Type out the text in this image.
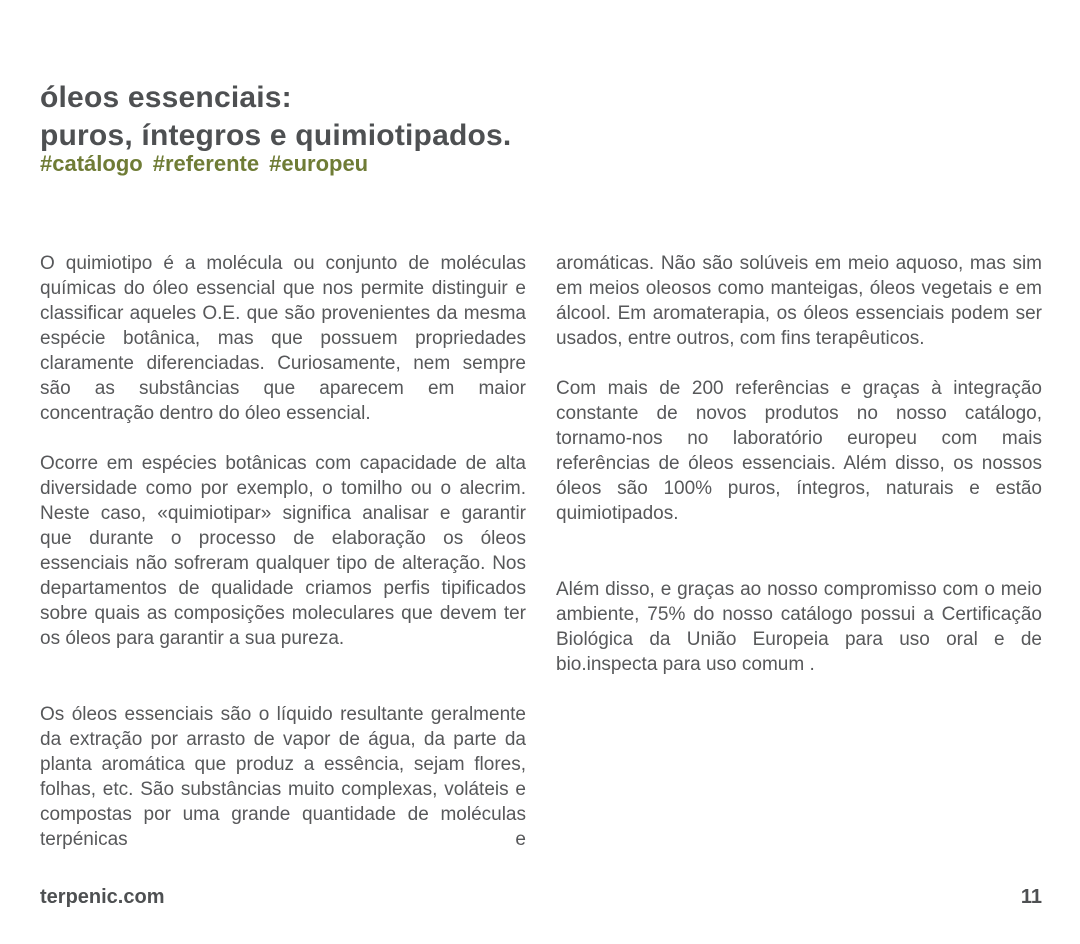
óleos essenciais:
puros, íntegros e quimiotipados.
#catálogo #referente #europeu

O quimiotipo é a molécula ou conjunto de moléculas químicas do óleo essencial que nos permite distinguir e classificar aqueles O.E. que são provenientes da mesma espécie botânica, mas que possuem propriedades claramente diferenciadas. Curiosamente, nem sempre são as substâncias que aparecem em maior concentração dentro do óleo essencial.

Ocorre em espécies botânicas com capacidade de alta diversidade como por exemplo, o tomilho ou o alecrim. Neste caso, «quimiotipar» significa analisar e garantir que durante o processo de elaboração os óleos essenciais não sofreram qualquer tipo de alteração. Nos departamentos de qualidade criamos perfis tipificados sobre quais as composições moleculares que devem ter os óleos para garantir a sua pureza.

Os óleos essenciais são o líquido resultante geralmente da extração por arrasto de vapor de água, da parte da planta aromática que produz a essência, sejam flores, folhas, etc. São substâncias muito complexas, voláteis e compostas por uma grande quantidade de moléculas terpénicas e

aromáticas. Não são solúveis em meio aquoso, mas sim em meios oleosos como manteigas, óleos vegetais e em álcool. Em aromaterapia, os óleos essenciais podem ser usados, entre outros, com fins terapêuticos.

Com mais de 200 referências e graças à integração constante de novos produtos no nosso catálogo, tornamo-nos no laboratório europeu com mais referências de óleos essenciais. Além disso, os nossos óleos são 100% puros, íntegros, naturais e estão quimiotipados.

Além disso, e graças ao nosso compromisso com o meio ambiente, 75% do nosso catálogo possui a Certificação Biológica da União Europeia para uso oral e de bio.inspecta para uso comum .

terpenic.com	11
